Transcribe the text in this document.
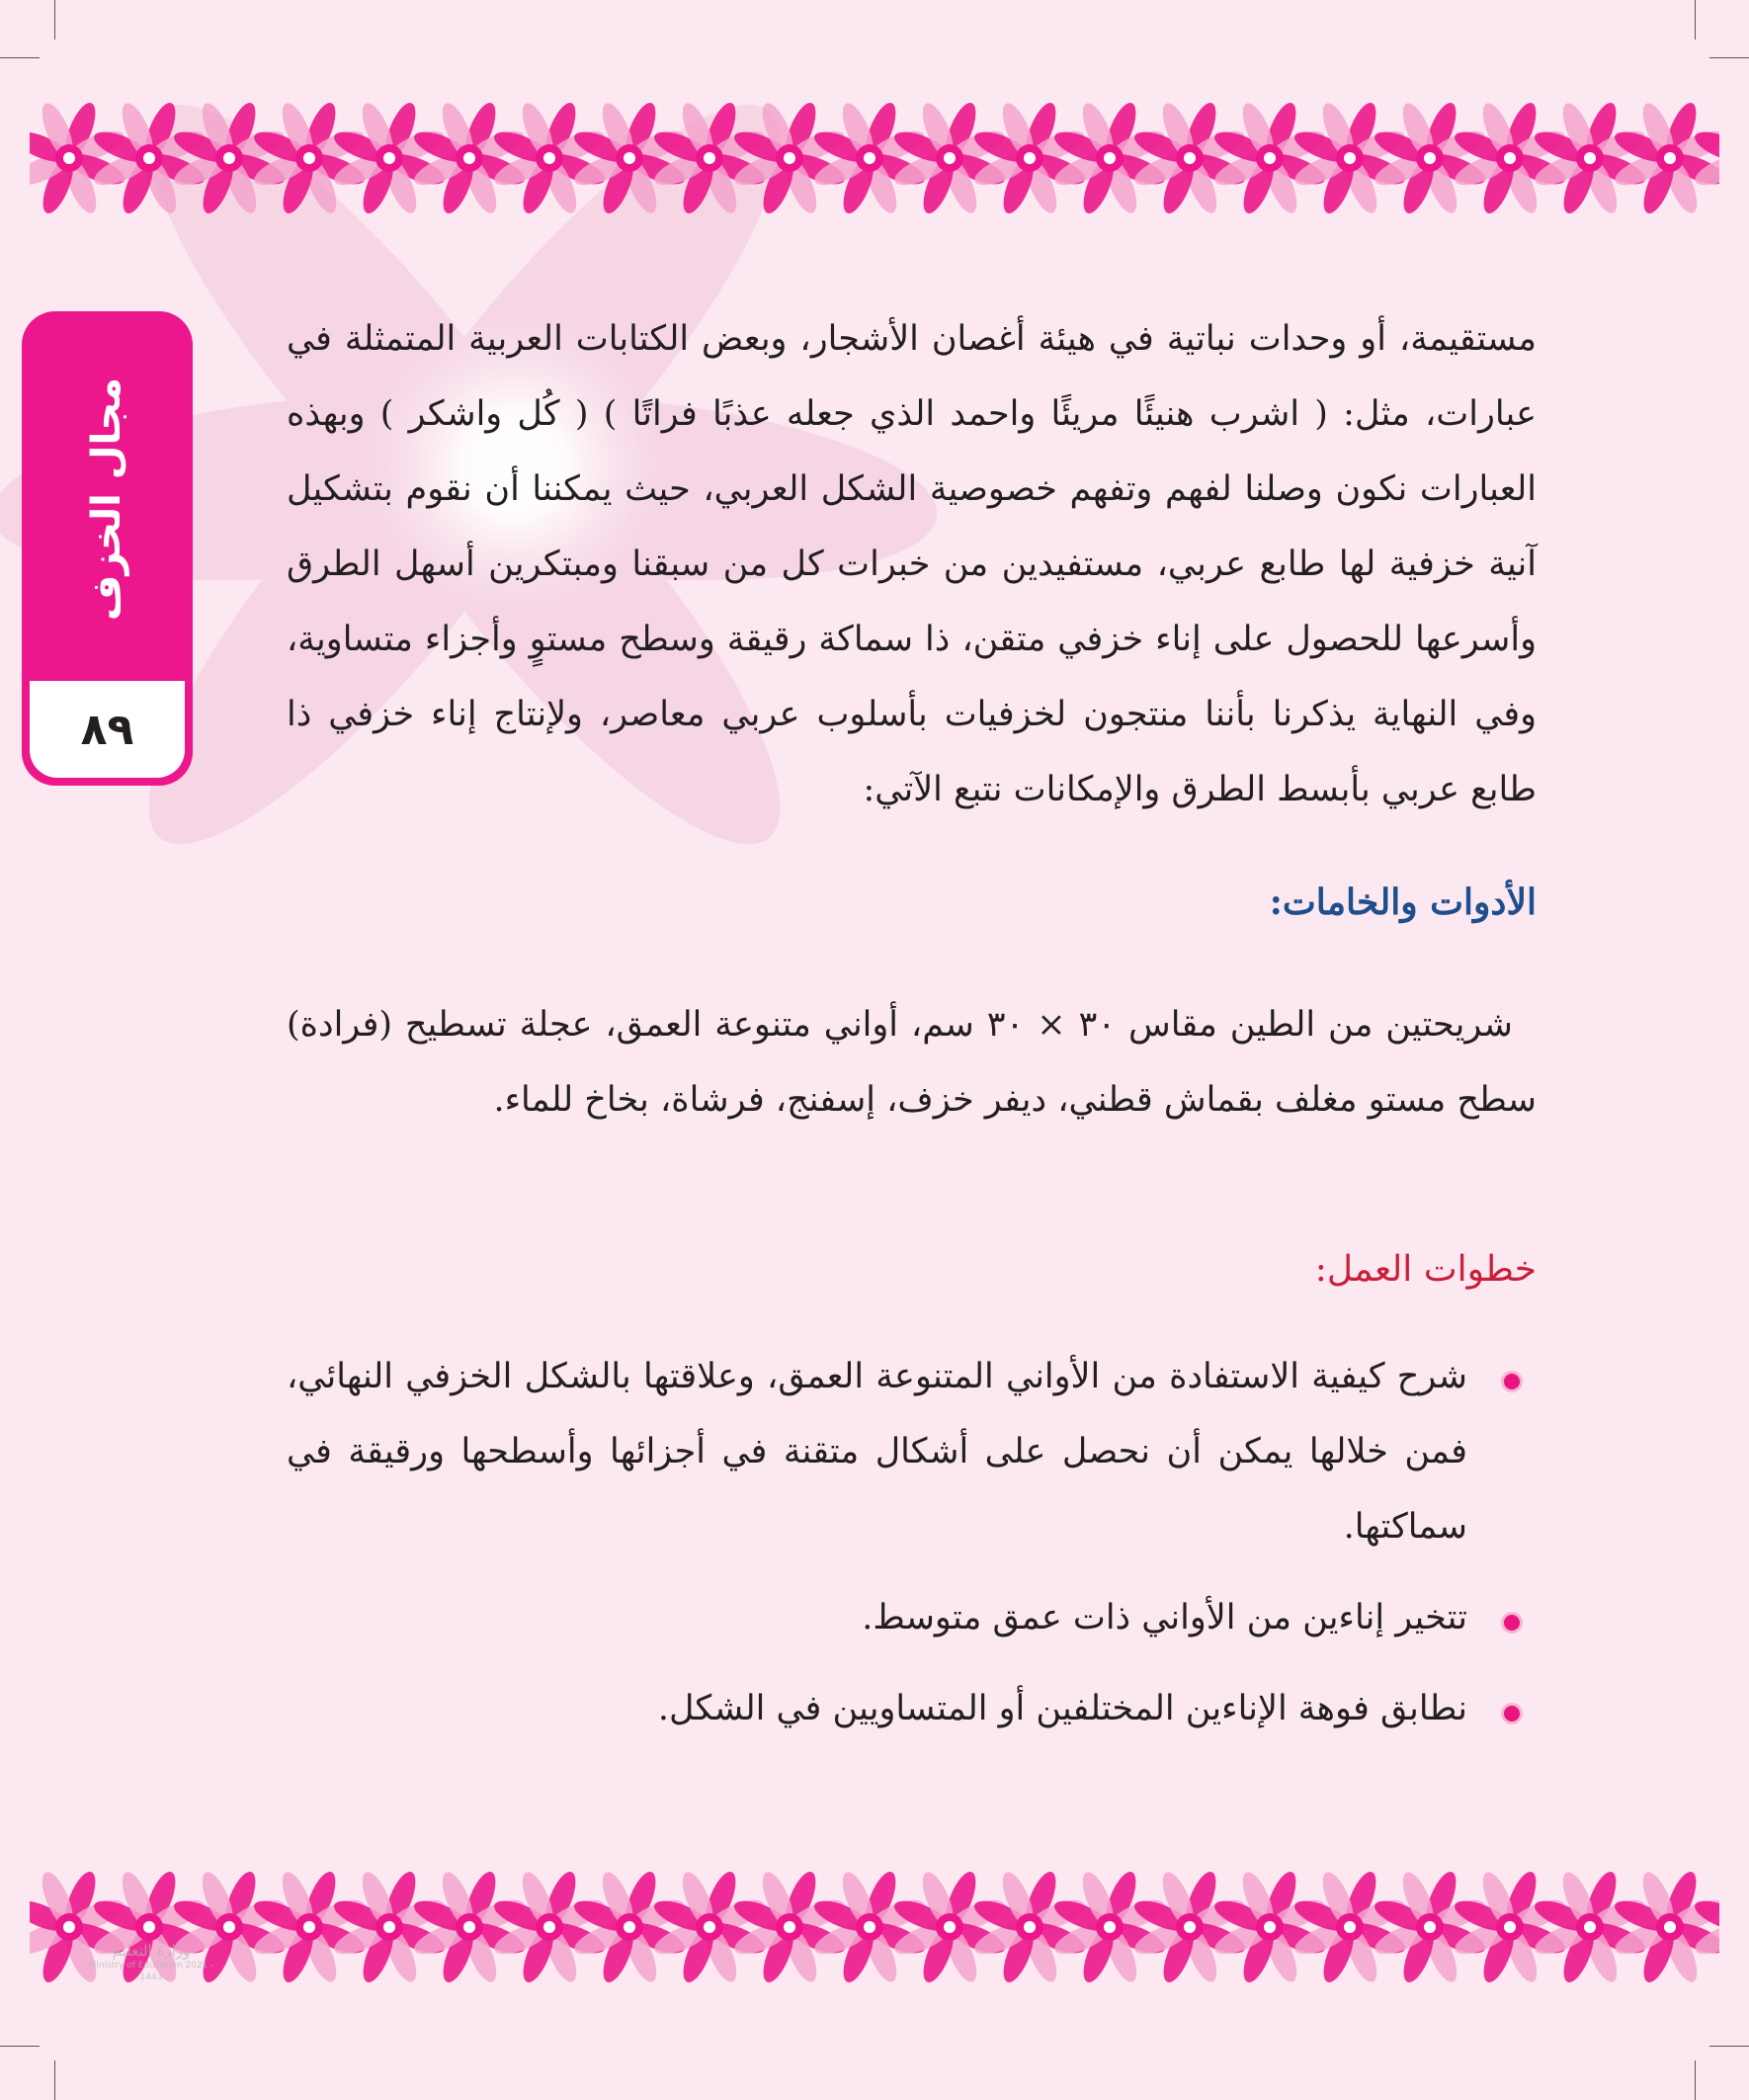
مجال الخزف
٨٩

مستقيمة، أو وحدات نباتية في هيئة أغصان الأشجار، وبعض الكتابات العربية المتمثلة في عبارات، مثل: ( اشرب هنيئًا مريئًا واحمد الذي جعله عذبًا فراتًا ) ( كُل واشكر ) وبهذه العبارات نكون وصلنا لفهم وتفهم خصوصية الشكل العربي، حيث يمكننا أن نقوم بتشكيل آنية خزفية لها طابع عربي، مستفيدين من خبرات كل من سبقنا ومبتكرين أسهل الطرق وأسرعها للحصول على إناء خزفي متقن، ذا سماكة رقيقة وسطح مستوٍ وأجزاء متساوية، وفي النهاية يذكرنا بأننا منتجون لخزفيات بأسلوب عربي معاصر، ولإنتاج إناء خزفي ذا طابع عربي بأبسط الطرق والإمكانات نتبع الآتي:

الأدوات والخامات:

شريحتين من الطين مقاس ٣٠ × ٣٠ سم، أواني متنوعة العمق، عجلة تسطيح (فرادة) سطح مستو مغلف بقماش قطني، ديفر خزف، إسفنج، فرشاة، بخاخ للماء.

خطوات العمل:

شرح كيفية الاستفادة من الأواني المتنوعة العمق، وعلاقتها بالشكل الخزفي النهائي، فمن خلالها يمكن أن نحصل على أشكال متقنة في أجزائها وأسطحها ورقيقة في سماكتها.
تتخير إناءين من الأواني ذات عمق متوسط.
نطابق فوهة الإناءين المختلفين أو المتساويين في الشكل.
وزارة التعليم
Ministry of Education 2021 - 1443
